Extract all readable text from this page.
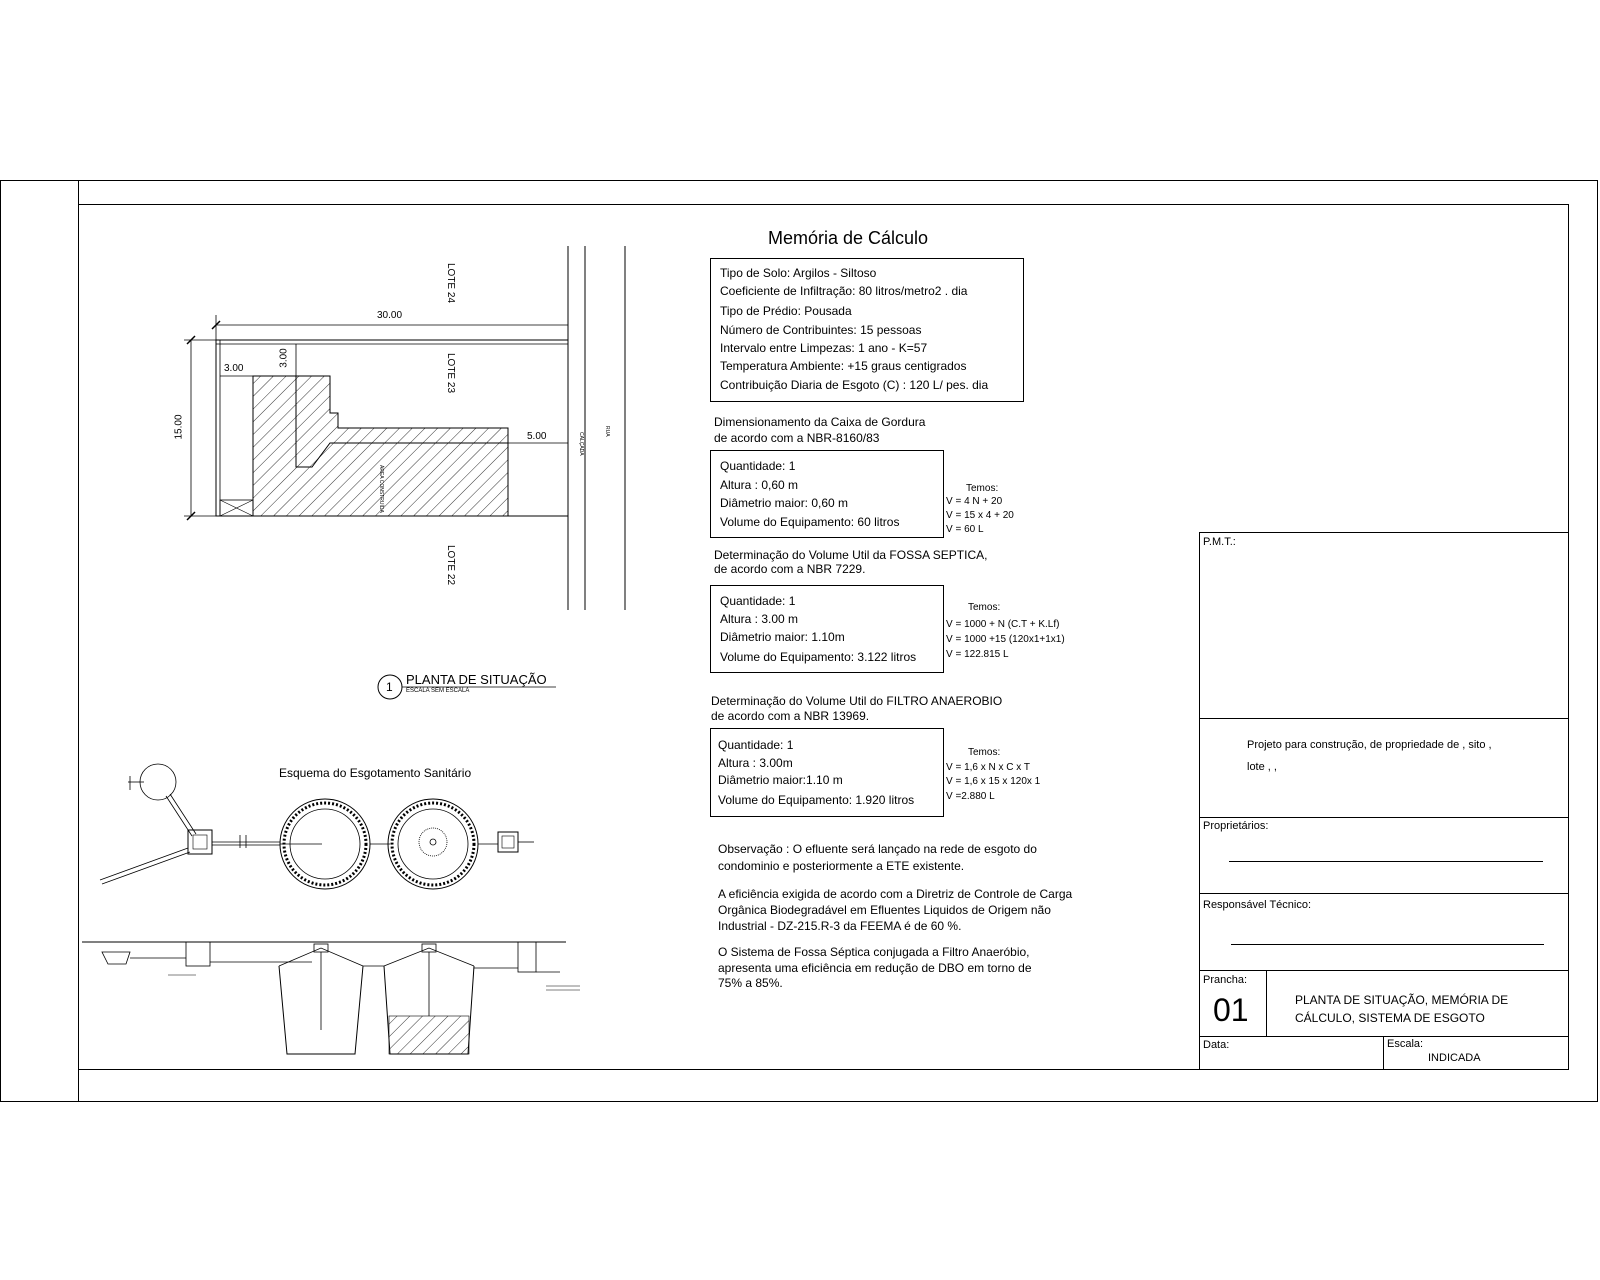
CALÇADA
RUA
ÁREA CONSTRUÍDA
LOTE 24
LOTE 23
LOTE 22
30.00
15.00
3.00
3.00
5.00
1 PLANTA DE SITUAÇÃO
ESCALA SEM ESCALA
Esquema do Esgotamento Sanitário
Memória de Cálculo
Tipo de Solo: Argilos - Siltoso
Coeficiente de Infiltração: 80 litros/metro2 . dia
Tipo de Prédio: Pousada
Número de Contribuintes: 15 pessoas
Intervalo entre Limpezas: 1 ano - K=57
Temperatura Ambiente: +15 graus centigrados
Contribuição Diaria de Esgoto (C) : 120 L/ pes. dia
Dimensionamento da Caixa de Gordura
de acordo com a NBR-8160/83
Quantidade: 1
Altura : 0,60 m
Diâmetrio maior: 0,60 m
Volume do Equipamento: 60 litros
Temos:
V = 4 N + 20
V = 15 x 4 + 20
V = 60 L
Determinação do Volume Util da FOSSA SEPTICA,
de acordo com a NBR 7229.
Quantidade: 1
Altura : 3.00 m
Diâmetrio maior: 1.10m
Volume do Equipamento: 3.122 litros
Temos:
V = 1000 + N (C.T + K.Lf)
V = 1000 +15 (120x1+1x1)
V = 122.815 L
Determinação do Volume Util do FILTRO ANAEROBIO
de acordo com a NBR 13969.
Quantidade: 1
Altura : 3.00m
Diâmetrio maior:1.10 m
Volume do Equipamento: 1.920 litros
Temos:
V = 1,6 x N x C x T
V = 1,6 x 15 x 120x 1
V =2.880 L
Observação : O efluente será lançado na rede de esgoto do
condominio e posteriormente a ETE existente.
A eficiência exigida de acordo com a Diretriz de Controle de Carga
Orgânica Biodegradável em Efluentes Liquidos de Origem não
Industrial - DZ-215.R-3 da FEEMA é de 60 %.
O Sistema de Fossa Séptica conjugada a Filtro Anaeróbio,
apresenta uma eficiência em redução de DBO em torno de
75% a 85%.
P.M.T.:
Projeto para construção, de propriedade de , sito ,
lote , ,
Proprietários:
Responsável Técnico:
Prancha:
01	PLANTA DE SITUAÇÃO, MEMÓRIA DE
CÁLCULO, SISTEMA DE ESGOTO
Data:	Escala:
INDICADA
